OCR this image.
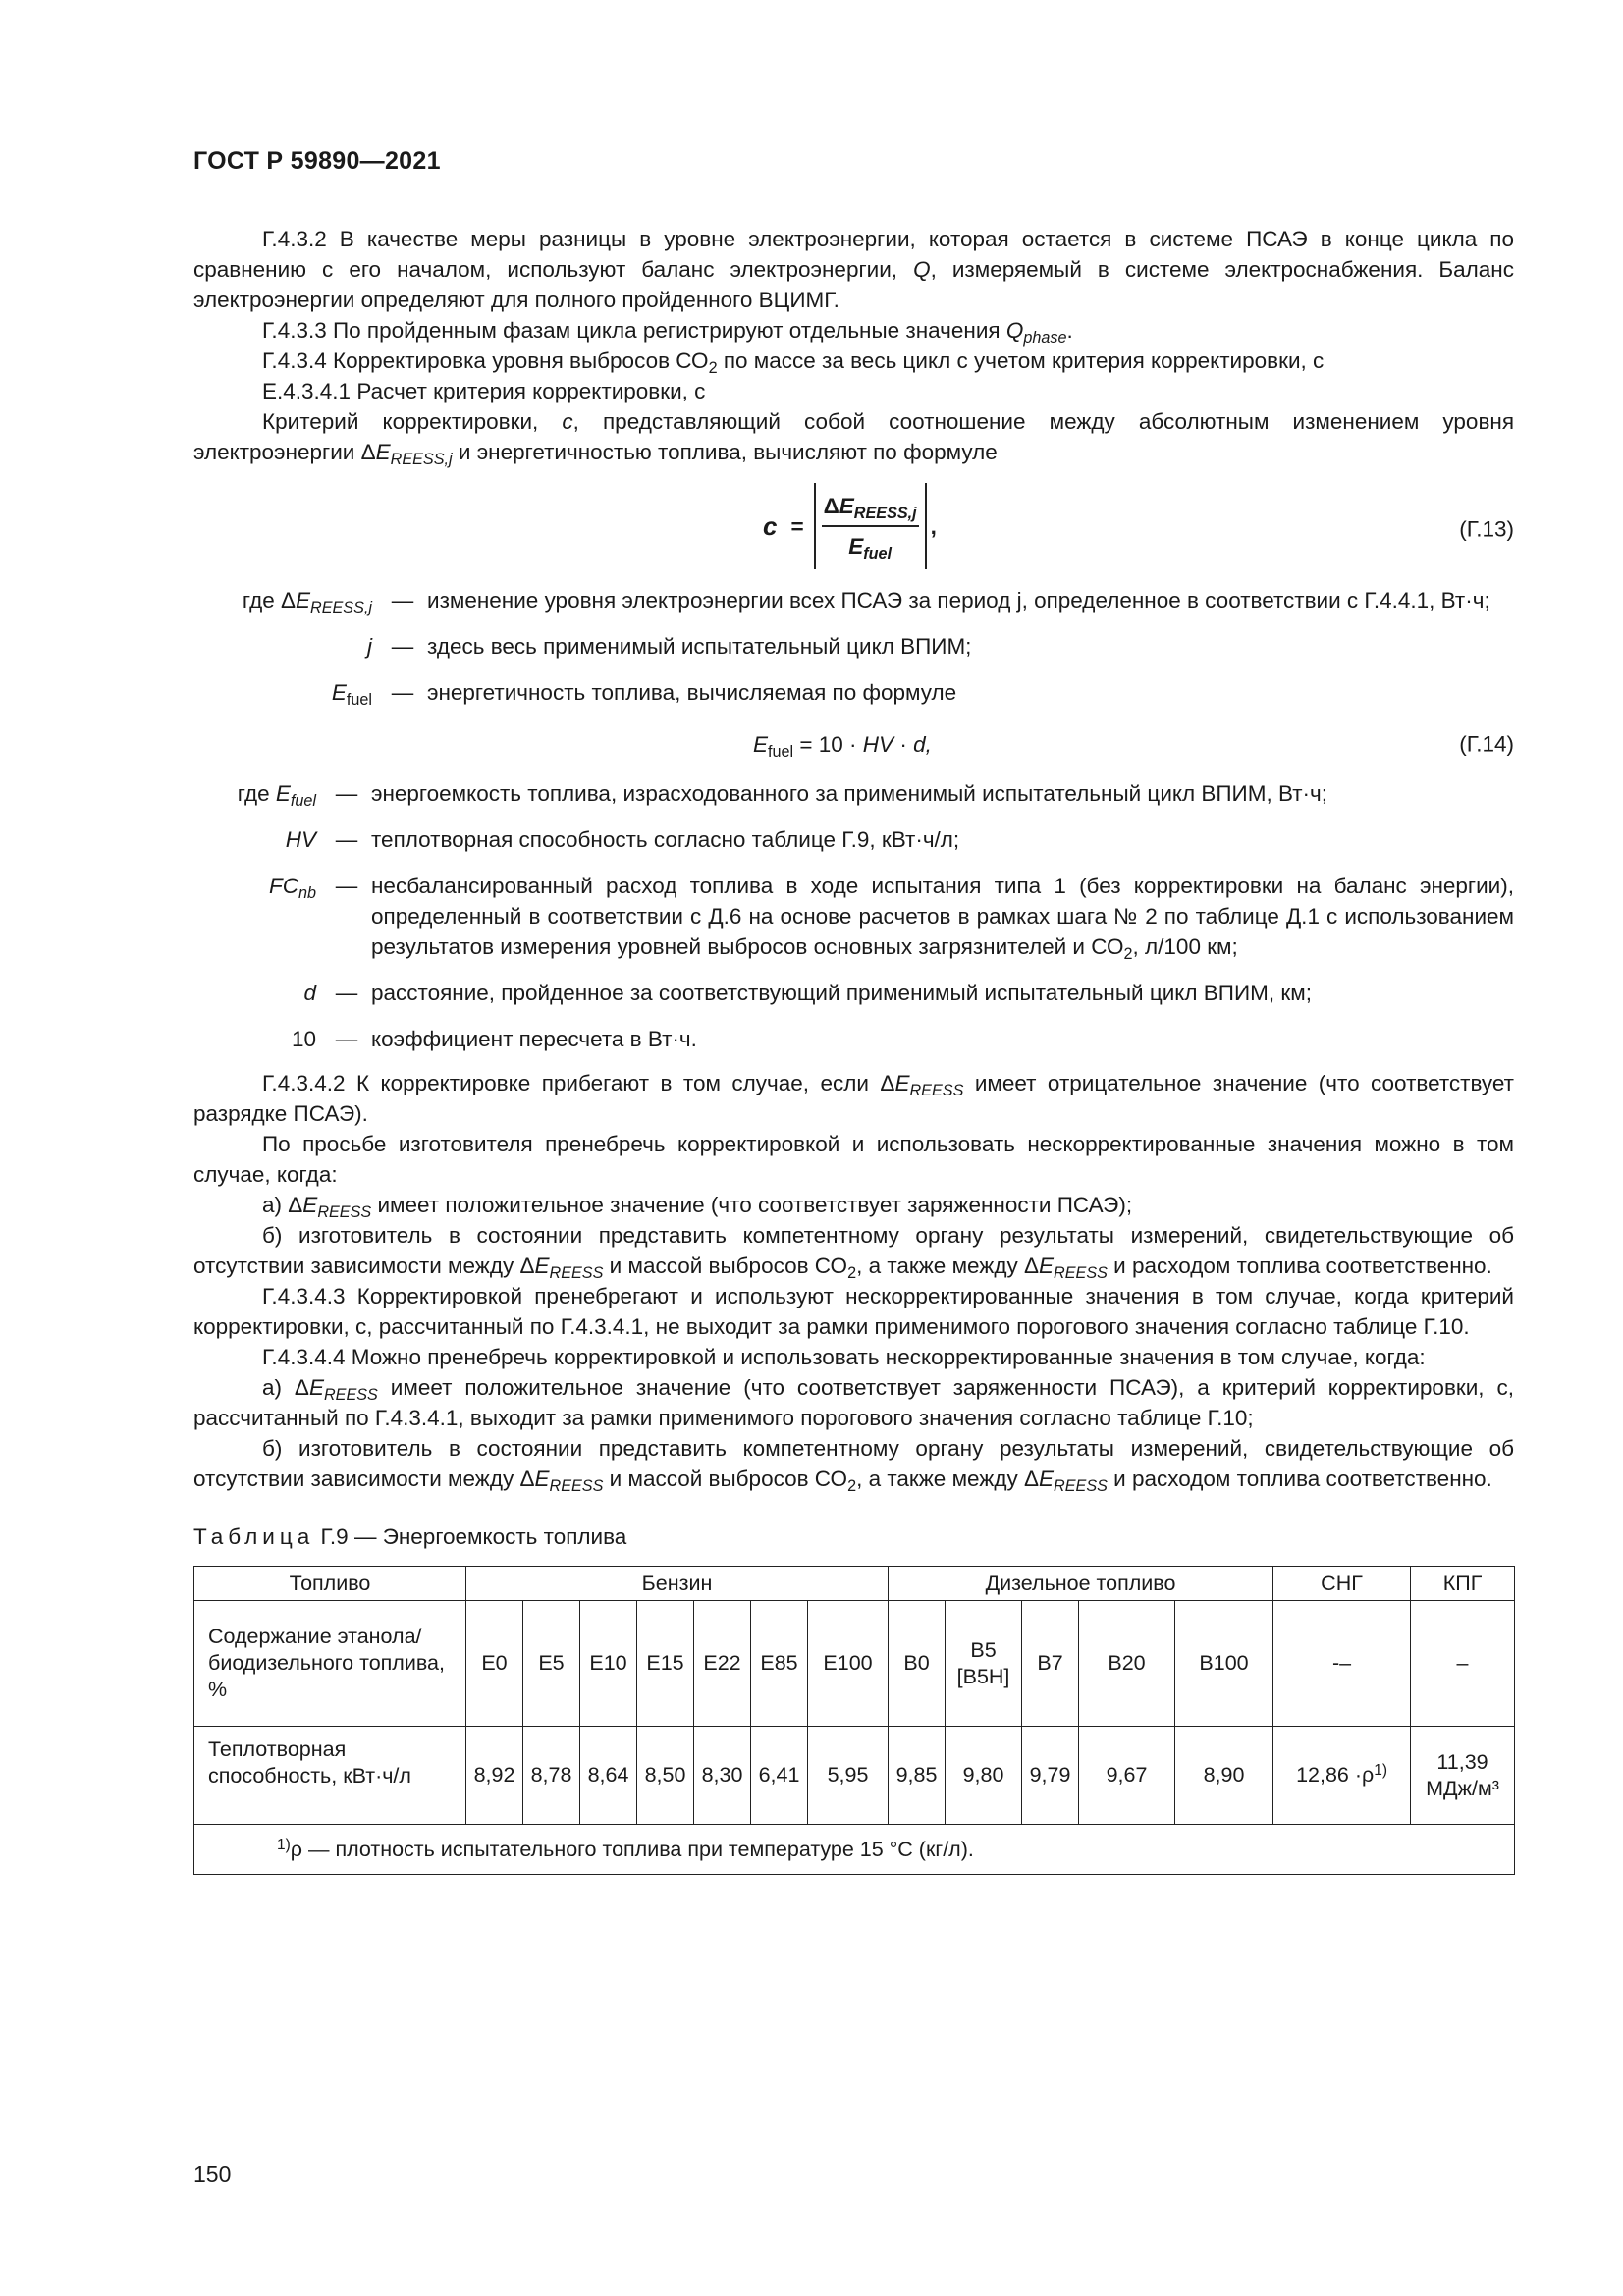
ГОСТ Р 59890—2021

Г.4.3.2 В качестве меры разницы в уровне электроэнергии, которая остается в системе ПСАЭ в конце цикла по сравнению с его началом, используют баланс электроэнергии, Q, измеряемый в системе электроснабжения. Баланс электроэнергии определяют для полного пройденного ВЦИМГ.

Г.4.3.3 По пройденным фазам цикла регистрируют отдельные значения $Q_{phase}$.

Г.4.3.4 Корректировка уровня выбросов $СО_2$ по массе за весь цикл с учетом критерия корректировки, с

Е.4.3.4.1 Расчет критерия корректировки, с

Критерий корректировки, c, представляющий собой соотношение между абсолютным изменением уровня электроэнергии $\Delta E_{REESS,j}$ и энергетичностью топлива, вычисляют по формуле

$c = \frac{\Delta E_{REESS,j}}{E_{fuel}}$ ,	(Г.13)
где $\Delta E_{REESS,j}$ — изменение уровня электроэнергии всех ПСАЭ за период j, определенное в соответствии с Г.4.4.1, Вт·ч;
j — здесь весь применимый испытательный цикл ВПИМ;
$E_{fuel}$ — энергетичность топлива, вычисляемая по формуле
$E_{fuel} = 10$ · HV · d,	(Г.14)
где $E_{fuel}$ — энергоемкость топлива, израсходованного за применимый испытательный цикл ВПИМ, Вт·ч;
HV — теплотворная способность согласно таблице Г.9, кВт·ч/л;
$FC_{nb}$ — несбалансированный расход топлива в ходе испытания типа 1 (без корректировки на баланс энергии), определенный в соответствии с Д.6 на основе расчетов в рамках шага № 2 по таблице Д.1 с использованием результатов измерения уровней выбросов основных загрязнителей и $СО_2$, л/100 км;
d — расстояние, пройденное за соответствующий применимый испытательный цикл ВПИМ, км;
10 — коэффициент пересчета в Вт·ч.

Г.4.3.4.2 К корректировке прибегают в том случае, если $\Delta E_{REESS}$ имеет отрицательное значение (что соответствует разрядке ПСАЭ).

По просьбе изготовителя пренебречь корректировкой и использовать нескорректированные значения можно в том случае, когда:

а) $\Delta E_{REESS}$ имеет положительное значение (что соответствует заряженности ПСАЭ);

б) изготовитель в состоянии представить компетентному органу результаты измерений, свидетельствующие об отсутствии зависимости между $\Delta E_{REESS}$ и массой выбросов $СО_2$, а также между $\Delta E_{REESS}$ и расходом топлива соответственно.

Г.4.3.4.3 Корректировкой пренебрегают и используют нескорректированные значения в том случае, когда критерий корректировки, с, рассчитанный по Г.4.3.4.1, не выходит за рамки применимого порогового значения согласно таблице Г.10.

Г.4.3.4.4 Можно пренебречь корректировкой и использовать нескорректированные значения в том случае, когда:

а) $\Delta E_{REESS}$ имеет положительное значение (что соответствует заряженности ПСАЭ), а критерий корректировки, с, рассчитанный по Г.4.3.4.1, выходит за рамки применимого порогового значения согласно таблице Г.10;

б) изготовитель в состоянии представить компетентному органу результаты измерений, свидетельствующие об отсутствии зависимости между $\Delta E_{REESS}$ и массой выбросов $СО_2$, а также между $\Delta E_{REESS}$ и расходом топлива соответственно.

Таблица Г.9 — Энергоемкость топлива
Топливо	Бензин							Дизельное топливо					СНГ	КПГ
Содержание этанола/ биодизельного топлива, %	E0	E5	E10	E15	E22	E85	E100	B0	B5 [B5H]	B7	B20	B100	-–	–
Теплотворная способность, кВт·ч/л	8,92	8,78	8,64	8,50	8,30	6,41	5,95	9,85	9,80	9,79	9,67	8,90	$12,86 \cdot\rho^{1)}$	11,39 МДж/м³
$^{1)}$ρ — плотность испытательного топлива при температуре 15 °С (кг/л).														
150
